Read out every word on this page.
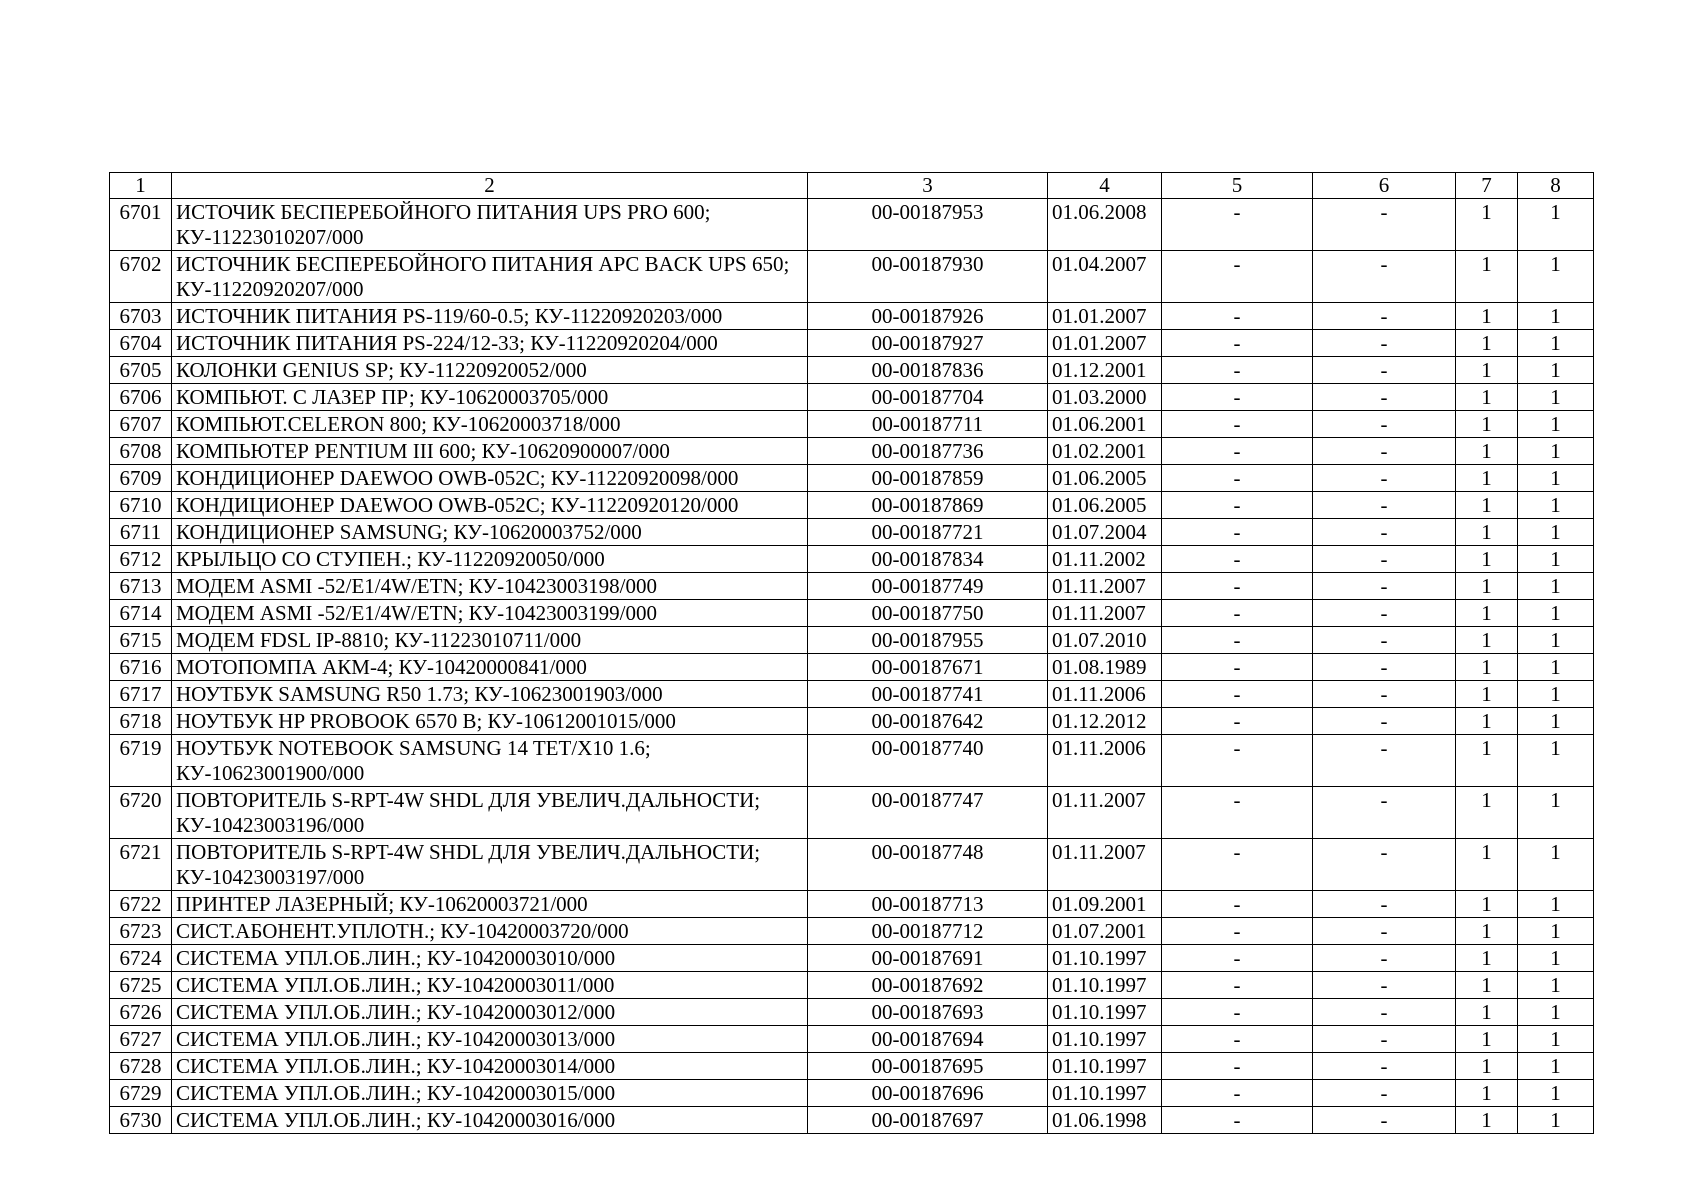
1	2	3	4	5	6	7	8
6701	ИСТОЧИК БЕСПЕРЕБОЙНОГО ПИТАНИЯ UPS PRO 600; КУ-11223010207/000	00-00187953	01.06.2008	-	-	1	1
6702	ИСТОЧНИК БЕСПЕРЕБОЙНОГО ПИТАНИЯ APC BACK UPS 650; КУ-11220920207/000	00-00187930	01.04.2007	-	-	1	1
6703	ИСТОЧНИК ПИТАНИЯ PS-119/60-0.5; КУ-11220920203/000	00-00187926	01.01.2007	-	-	1	1
6704	ИСТОЧНИК ПИТАНИЯ PS-224/12-33; КУ-11220920204/000	00-00187927	01.01.2007	-	-	1	1
6705	КОЛОНКИ GENIUS SP; КУ-11220920052/000	00-00187836	01.12.2001	-	-	1	1
6706	КОМПЬЮТ. С ЛАЗЕР ПР; КУ-10620003705/000	00-00187704	01.03.2000	-	-	1	1
6707	КОМПЬЮТ.CELERON 800; КУ-10620003718/000	00-00187711	01.06.2001	-	-	1	1
6708	КОМПЬЮТЕР PENTIUM III 600; КУ-10620900007/000	00-00187736	01.02.2001	-	-	1	1
6709	КОНДИЦИОНЕР DAEWOO OWB-052C; КУ-11220920098/000	00-00187859	01.06.2005	-	-	1	1
6710	КОНДИЦИОНЕР DAEWOO OWB-052C; КУ-11220920120/000	00-00187869	01.06.2005	-	-	1	1
6711	КОНДИЦИОНЕР SAMSUNG; КУ-10620003752/000	00-00187721	01.07.2004	-	-	1	1
6712	КРЫЛЬЦО СО СТУПЕН.; КУ-11220920050/000	00-00187834	01.11.2002	-	-	1	1
6713	МОДЕМ ASMI -52/E1/4W/ETN; КУ-10423003198/000	00-00187749	01.11.2007	-	-	1	1
6714	МОДЕМ ASMI -52/E1/4W/ETN; КУ-10423003199/000	00-00187750	01.11.2007	-	-	1	1
6715	МОДЕМ FDSL IP-8810; КУ-11223010711/000	00-00187955	01.07.2010	-	-	1	1
6716	МОТОПОМПА АКМ-4; КУ-10420000841/000	00-00187671	01.08.1989	-	-	1	1
6717	НОУТБУК SAMSUNG R50 1.73; КУ-10623001903/000	00-00187741	01.11.2006	-	-	1	1
6718	НОУТБУК HP PROBOOK 6570 B; КУ-10612001015/000	00-00187642	01.12.2012	-	-	1	1
6719	НОУТБУК NOTEBOOK SAMSUNG 14 TET/X10 1.6; КУ-10623001900/000	00-00187740	01.11.2006	-	-	1	1
6720	ПОВТОРИТЕЛЬ S-RPT-4W SHDL ДЛЯ УВЕЛИЧ.ДАЛЬНОСТИ; КУ-10423003196/000	00-00187747	01.11.2007	-	-	1	1
6721	ПОВТОРИТЕЛЬ S-RPT-4W SHDL ДЛЯ УВЕЛИЧ.ДАЛЬНОСТИ; КУ-10423003197/000	00-00187748	01.11.2007	-	-	1	1
6722	ПРИНТЕР ЛАЗЕРНЫЙ; КУ-10620003721/000	00-00187713	01.09.2001	-	-	1	1
6723	СИСТ.АБОНЕНТ.УПЛОТН.; КУ-10420003720/000	00-00187712	01.07.2001	-	-	1	1
6724	СИСТЕМА УПЛ.ОБ.ЛИН.; КУ-10420003010/000	00-00187691	01.10.1997	-	-	1	1
6725	СИСТЕМА УПЛ.ОБ.ЛИН.; КУ-10420003011/000	00-00187692	01.10.1997	-	-	1	1
6726	СИСТЕМА УПЛ.ОБ.ЛИН.; КУ-10420003012/000	00-00187693	01.10.1997	-	-	1	1
6727	СИСТЕМА УПЛ.ОБ.ЛИН.; КУ-10420003013/000	00-00187694	01.10.1997	-	-	1	1
6728	СИСТЕМА УПЛ.ОБ.ЛИН.; КУ-10420003014/000	00-00187695	01.10.1997	-	-	1	1
6729	СИСТЕМА УПЛ.ОБ.ЛИН.; КУ-10420003015/000	00-00187696	01.10.1997	-	-	1	1
6730	СИСТЕМА УПЛ.ОБ.ЛИН.; КУ-10420003016/000	00-00187697	01.06.1998	-	-	1	1
